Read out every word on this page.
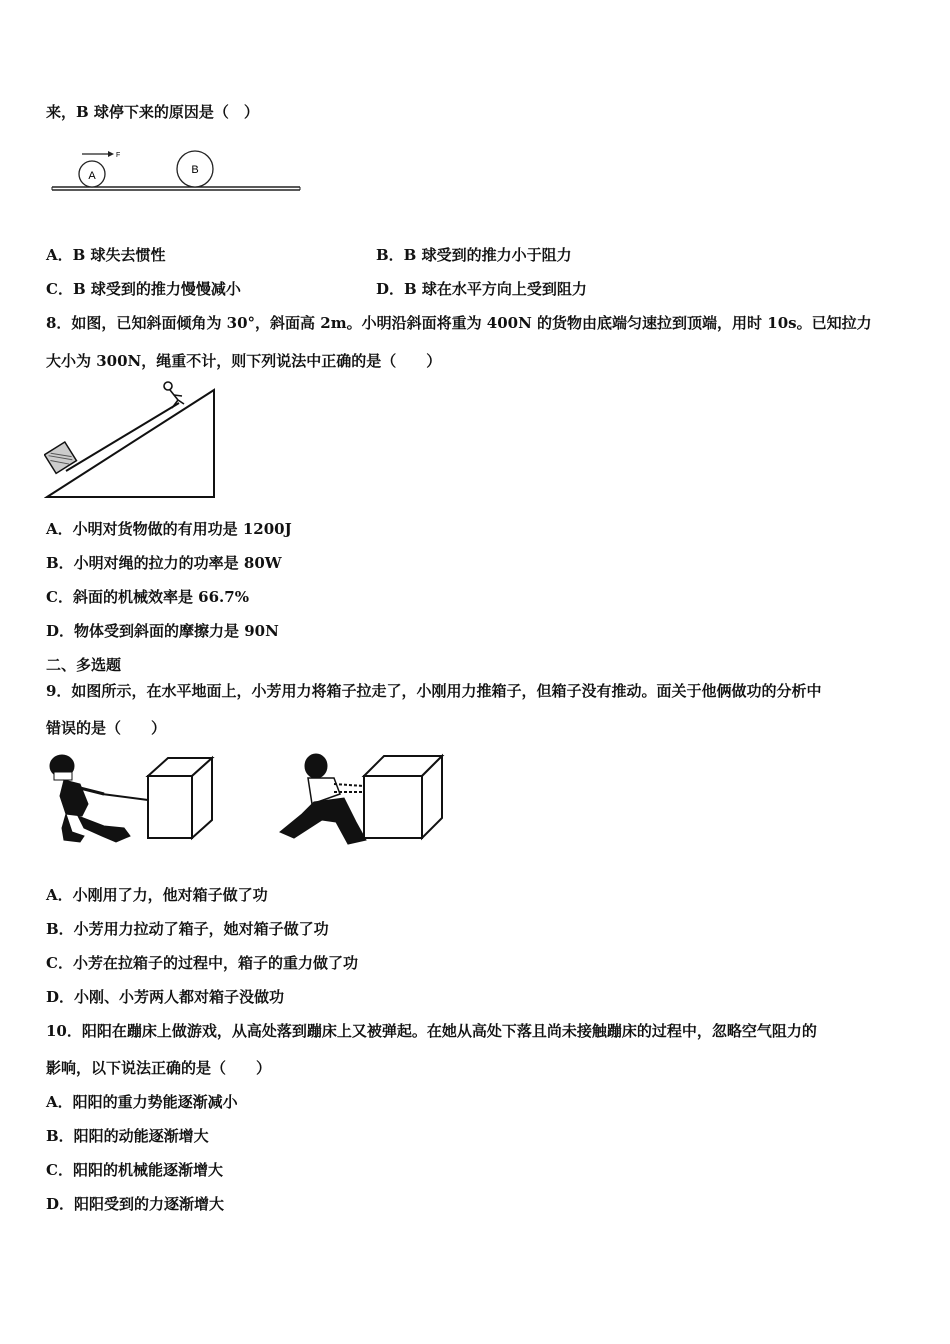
来，B 球停下来的原因是（　）
A
F
B
A．B 球失去惯性	B．B 球受到的推力小于阻力
C．B 球受到的推力慢慢减小	D．B 球在水平方向上受到阻力
8．如图，已知斜面倾角为 30°，斜面高 2m。小明沿斜面将重为 400N 的货物由底端匀速拉到顶端，用时 10s。已知拉力
大小为 300N，绳重不计，则下列说法中正确的是（　　）
A．小明对货物做的有用功是 1200J
B．小明对绳的拉力的功率是 80W
C．斜面的机械效率是 66.7%
D．物体受到斜面的摩擦力是 90N
二、多选题
9．如图所示，在水平地面上，小芳用力将箱子拉走了，小刚用力推箱子，但箱子没有推动。面关于他俩做功的分析中
错误的是（　　）
A．小刚用了力，他对箱子做了功
B．小芳用力拉动了箱子，她对箱子做了功
C．小芳在拉箱子的过程中，箱子的重力做了功
D．小刚、小芳两人都对箱子没做功
10．阳阳在蹦床上做游戏，从高处落到蹦床上又被弹起。在她从高处下落且尚未接触蹦床的过程中，忽略空气阻力的
影响，以下说法正确的是（　　）
A．阳阳的重力势能逐渐减小
B．阳阳的动能逐渐增大
C．阳阳的机械能逐渐增大
D．阳阳受到的力逐渐增大
